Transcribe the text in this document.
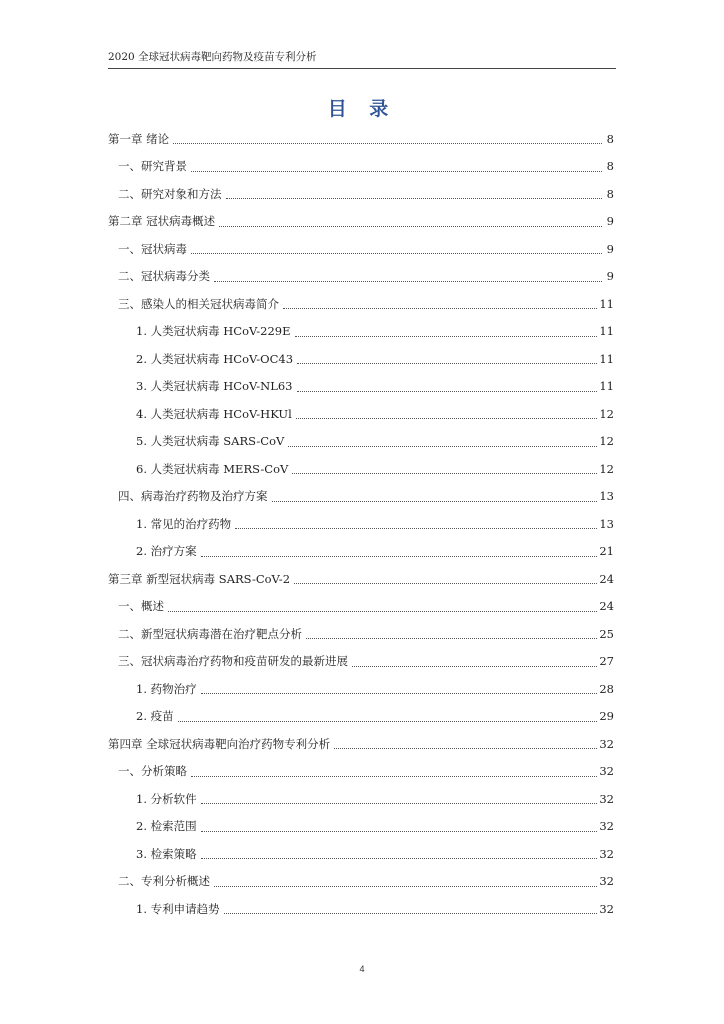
2020 全球冠状病毒靶向药物及疫苗专利分析
目 录
第一章 绪论	8
一、研究背景	8
二、研究对象和方法	8
第二章 冠状病毒概述	9
一、冠状病毒	9
二、冠状病毒分类	9
三、感染人的相关冠状病毒简介	11
1. 人类冠状病毒 HCoV-229E	11
2. 人类冠状病毒 HCoV-OC43	11
3. 人类冠状病毒 HCoV-NL63	11
4. 人类冠状病毒 HCoV-HKUl	12
5. 人类冠状病毒 SARS-CoV	12
6. 人类冠状病毒 MERS-CoV	12
四、病毒治疗药物及治疗方案	13
1. 常见的治疗药物	13
2. 治疗方案	21
第三章 新型冠状病毒 SARS-CoV-2	24
一、概述	24
二、新型冠状病毒潜在治疗靶点分析	25
三、冠状病毒治疗药物和疫苗研发的最新进展	27
1. 药物治疗	28
2. 疫苗	29
第四章 全球冠状病毒靶向治疗药物专利分析	32
一、分析策略	32
1. 分析软件	32
2. 检索范围	32
3. 检索策略	32
二、专利分析概述	32
1. 专利申请趋势	32
4
